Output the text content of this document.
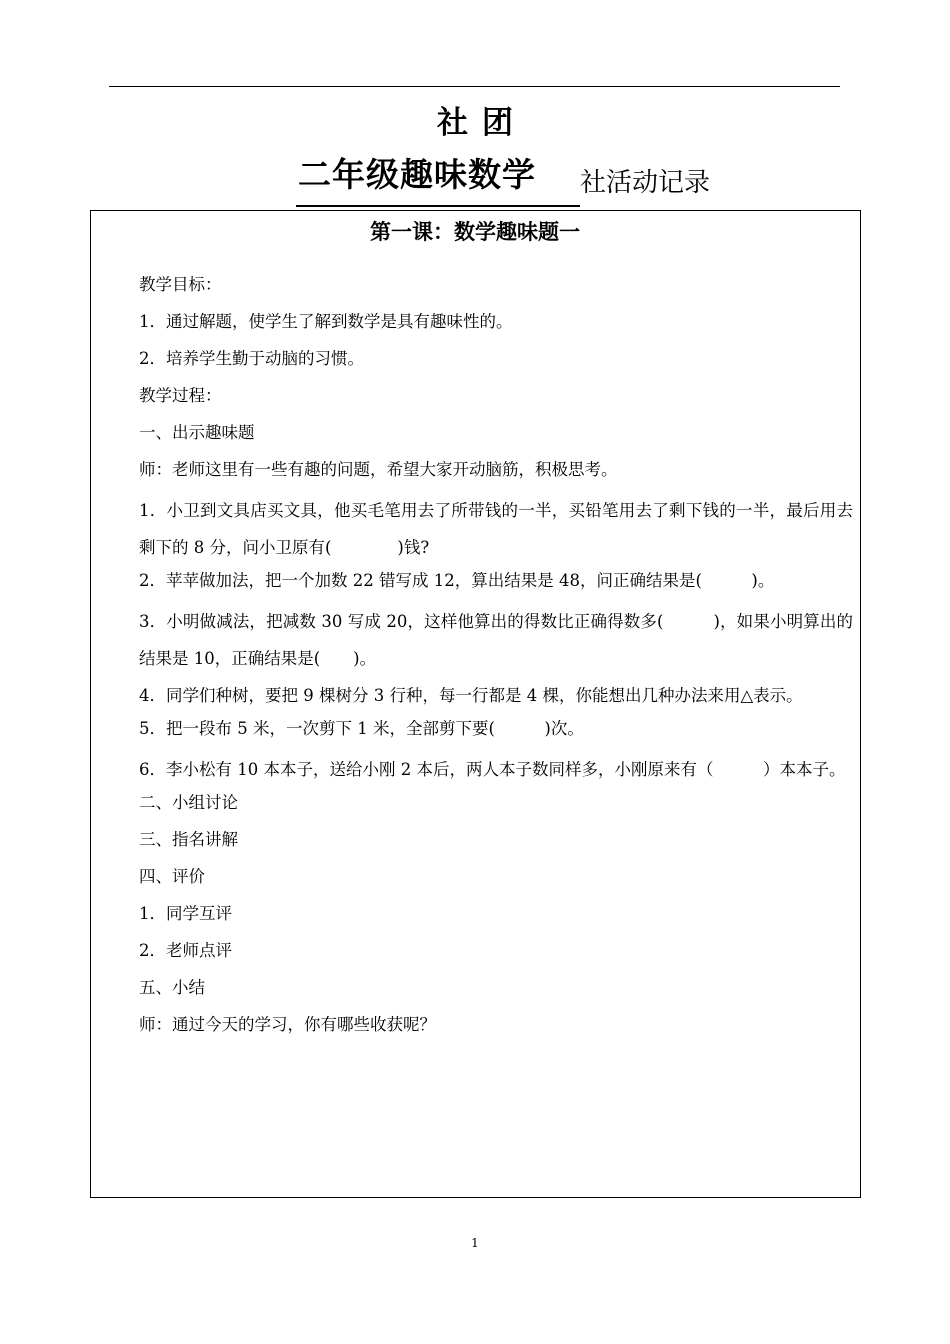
社 团
二年级趣味数学 社活动记录
第一课：数学趣味题一
教学目标：
1．通过解题，使学生了解到数学是具有趣味性的。
2．培养学生勤于动脑的习惯。
教学过程：
一、出示趣味题
师：老师这里有一些有趣的问题，希望大家开动脑筋，积极思考。
1．小卫到文具店买文具，他买毛笔用去了所带钱的一半，买铅笔用去了剩下钱的一半，最后用去剩下的 8 分，问小卫原有(　　　　)钱?
2．苹苹做加法，把一个加数 22 错写成 12，算出结果是 48，问正确结果是(　　　)。
3．小明做减法，把减数 30 写成 20，这样他算出的得数比正确得数多(　　　)，如果小明算出的结果是 10，正确结果是(　　)。
4．同学们种树，要把 9 棵树分 3 行种，每一行都是 4 棵，你能想出几种办法来用△表示。
5．把一段布 5 米，一次剪下 1 米，全部剪下要(　　　)次。
6．李小松有 10 本本子，送给小刚 2 本后，两人本子数同样多，小刚原来有（　　　）本本子。
二、小组讨论
三、指名讲解
四、评价
1．同学互评
2．老师点评
五、小结
师：通过今天的学习，你有哪些收获呢？
1
